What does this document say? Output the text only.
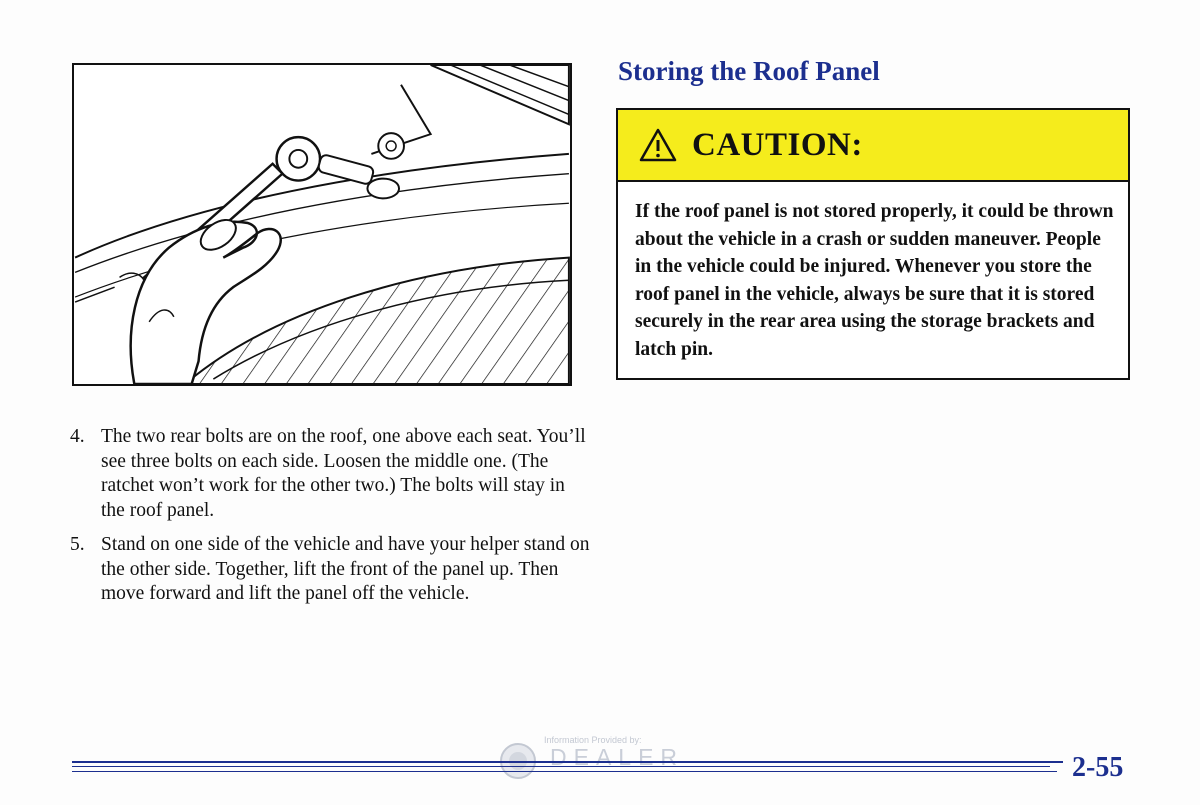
4. The two rear bolts are on the roof, one above each seat. You’ll see three bolts on each side. Loosen the middle one. (The ratchet won’t work for the other two.) The bolts will stay in the roof panel.
5. Stand on one side of the vehicle and have your helper stand on the other side. Together, lift the front of the panel up. Then move forward and lift the panel off the vehicle.
Storing the Roof Panel
CAUTION:
If the roof panel is not stored properly, it could be thrown about the vehicle in a crash or sudden maneuver. People in the vehicle could be injured. Whenever you store the roof panel in the vehicle, always be sure that it is stored securely in the rear area using the storage brackets and latch pin.
Information Provided by:
DEALER	2-55
